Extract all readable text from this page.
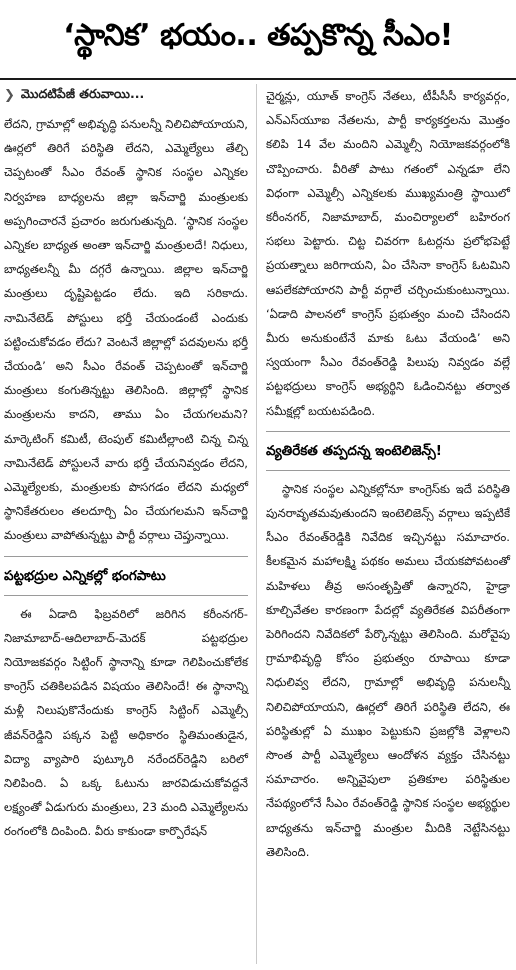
‘స్థానిక’ భయం.. తప్పకొన్న సీఎం!
❯ మొదటిపేజీ తరువాయి...

లేదని, గ్రామాల్లో అభివృద్ధి పనులన్నీ నిలిచిపోయాయని, ఊర్లలో తిరిగే పరిస్థితి లేదని, ఎమ్మెల్యేలు తేల్చి చెప్పటంతో సీఎం రేవంత్ స్థానిక సంస్థల ఎన్నికల నిర్వహణ బాధ్యలను జిల్లా ఇన్‌చార్జి మంత్రులకు అప్పగించారనే ప్రచారం జరుగుతున్నది. ‘స్థానిక సంస్థల ఎన్నికల బాధ్యత అంతా ఇన్‌చార్జి మంత్రులదే! నిధులు, బాధ్యతలన్నీ మీ దగ్గరే ఉన్నాయి. జిల్లాల ఇన్‌చార్జి మంత్రులు దృష్టిపెట్టడం లేదు. ఇది సరికాదు. నామినేటెడ్ పోస్టులు భర్తీ చేయండంటే ఎందుకు పట్టించుకోవడం లేదు? వెంటనే జిల్లాల్లో పదవులను భర్తీ చేయండి’ అని సీఎం రేవంత్ చెప్పటంతో ఇన్‌చార్జి మంత్రులు కంగుతిన్నట్టు తెలిసింది. జిల్లాల్లో స్థానిక మంత్రులను కాదని, తాము ఏం చేయగలమని? మార్కెటింగ్ కమిటీ, టెంపుల్ కమిటీల్లాంటి చిన్న చిన్న నామినేటెడ్ పోస్టులనే వారు భర్తీ చేయనివ్వడం లేదని, ఎమ్మెల్యేలకు, మంత్రులకు పొసగడం లేదని మధ్యలో స్థానికేతరులం తలదూర్చి ఏం చేయగలమని ఇన్‌చార్జి మంత్రులు వాపోతున్నట్టు పార్టీ వర్గాలు చెప్తున్నాయి.

పట్టభద్రుల ఎన్నికల్లో భంగపాటు

ఈ ఏడాది ఫిబ్రవరిలో జరిగిన కరీంనగర్-నిజామాబాద్-ఆదిలాబాద్-మెదక్ పట్టభద్రుల నియోజకవర్గం సిట్టింగ్ స్థానాన్ని కూడా గెలిపించుకోలేక కాంగ్రెస్ చతికిలపడిన విషయం తెలిసిందే! ఈ స్థానాన్ని మళ్లీ నిలుపుకొనేందుకు కాంగ్రెస్ సిట్టింగ్ ఎమ్మెల్సీ జీవన్‌రెడ్డిని పక్కన పెట్టి అధికారం స్థితిమంతుడైన, విద్యా వ్యాపారి పుట్కూరి నరేందర్‌రెడ్డిని బరిలో నిలిపింది. ఏ ఒక్క ఓటును జారవిడుచుకోవద్దనే లక్ష్యంతో ఏడుగురు మంత్రులు, 23 మంది ఎమ్మెల్యేలను రంగంలోకి దింపింది. వీరు కాకుండా కార్పొరేషన్

చైర్మన్లు, యూత్ కాంగ్రెస్ నేతలు, టీపీసీసీ కార్యవర్గం, ఎన్‌ఎస్‌యూఐ నేతలను, పార్టీ కార్యకర్తలను మొత్తం కలిపి 14 వేల మందిని ఎమ్మెల్సీ నియోజకవర్గంలోకి చొప్పించారు. వీరితో పాటు గతంలో ఎన్నడూ లేని విధంగా ఎమ్మెల్సీ ఎన్నికలకు ముఖ్యమంత్రి స్థాయిలో కరీంనగర్, నిజామాబాద్, మంచిర్యాలలో బహిరంగ సభలు పెట్టారు. చిట్ట చివరగా ఓటర్లను ప్రలోభపెట్టే ప్రయత్నాలు జరిగాయని, ఏం చేసినా కాంగ్రెస్ ఓటమిని ఆపలేకపోయారని పార్టీ వర్గాలే చర్చించుకుంటున్నాయి. ‘ఏడాది పాలనలో కాంగ్రెస్ ప్రభుత్వం మంచి చేసిందని మీరు అనుకుంటేనే మాకు ఓటు వేయండి’ అని స్వయంగా సీఎం రేవంత్‌రెడ్డి పిలుపు నివ్వడం వల్లే పట్టభద్రులు కాంగ్రెస్ అభ్యర్థిని ఓడించినట్టు తర్వాత సమీక్షల్లో బయటపడింది.

వ్యతిరేకత తప్పదన్న ఇంటెలిజెన్స్!

స్థానిక సంస్థల ఎన్నికల్లోనూ కాంగ్రెస్‌కు ఇదే పరిస్థితి పునరావృతమవుతుందని ఇంటెలిజెన్స్ వర్గాలు ఇప్పటికే సీఎం రేవంత్‌రెడ్డికి నివేదిక ఇచ్చినట్టు సమాచారం. కీలకమైన మహాలక్ష్మి పథకం అమలు చేయకపోవటంతో మహిళలు తీవ్ర అసంతృప్తితో ఉన్నారని, హైడ్రా కూల్చివేతల కారణంగా పేదల్లో వ్యతిరేకత విపరీతంగా పెరిగిందని నివేదికలో పేర్కొన్నట్టు తెలిసింది. మరోవైపు గ్రామాభివృద్ధి కోసం ప్రభుత్వం రూపాయి కూడా నిధులివ్వ లేదని, గ్రామాల్లో అభివృద్ధి పనులన్నీ నిలిచిపోయాయని, ఊర్లలో తిరిగే పరిస్థితి లేదని, ఈ పరిస్థితుల్లో ఏ ముఖం పెట్టుకుని ప్రజల్లోకి వెళ్లాలని సొంత పార్టీ ఎమ్మెల్యేలు ఆందోళన వ్యక్తం చేసినట్టు సమాచారం. అన్నివైపులా ప్రతికూల పరిస్థితుల నేపథ్యంలోనే సీఎం రేవంత్‌రెడ్డి స్థానిక సంస్థల అభ్యర్థుల బాధ్యతను ఇన్‌చార్జి మంత్రుల మీదికి నెట్టేసినట్టు తెలిసింది.
